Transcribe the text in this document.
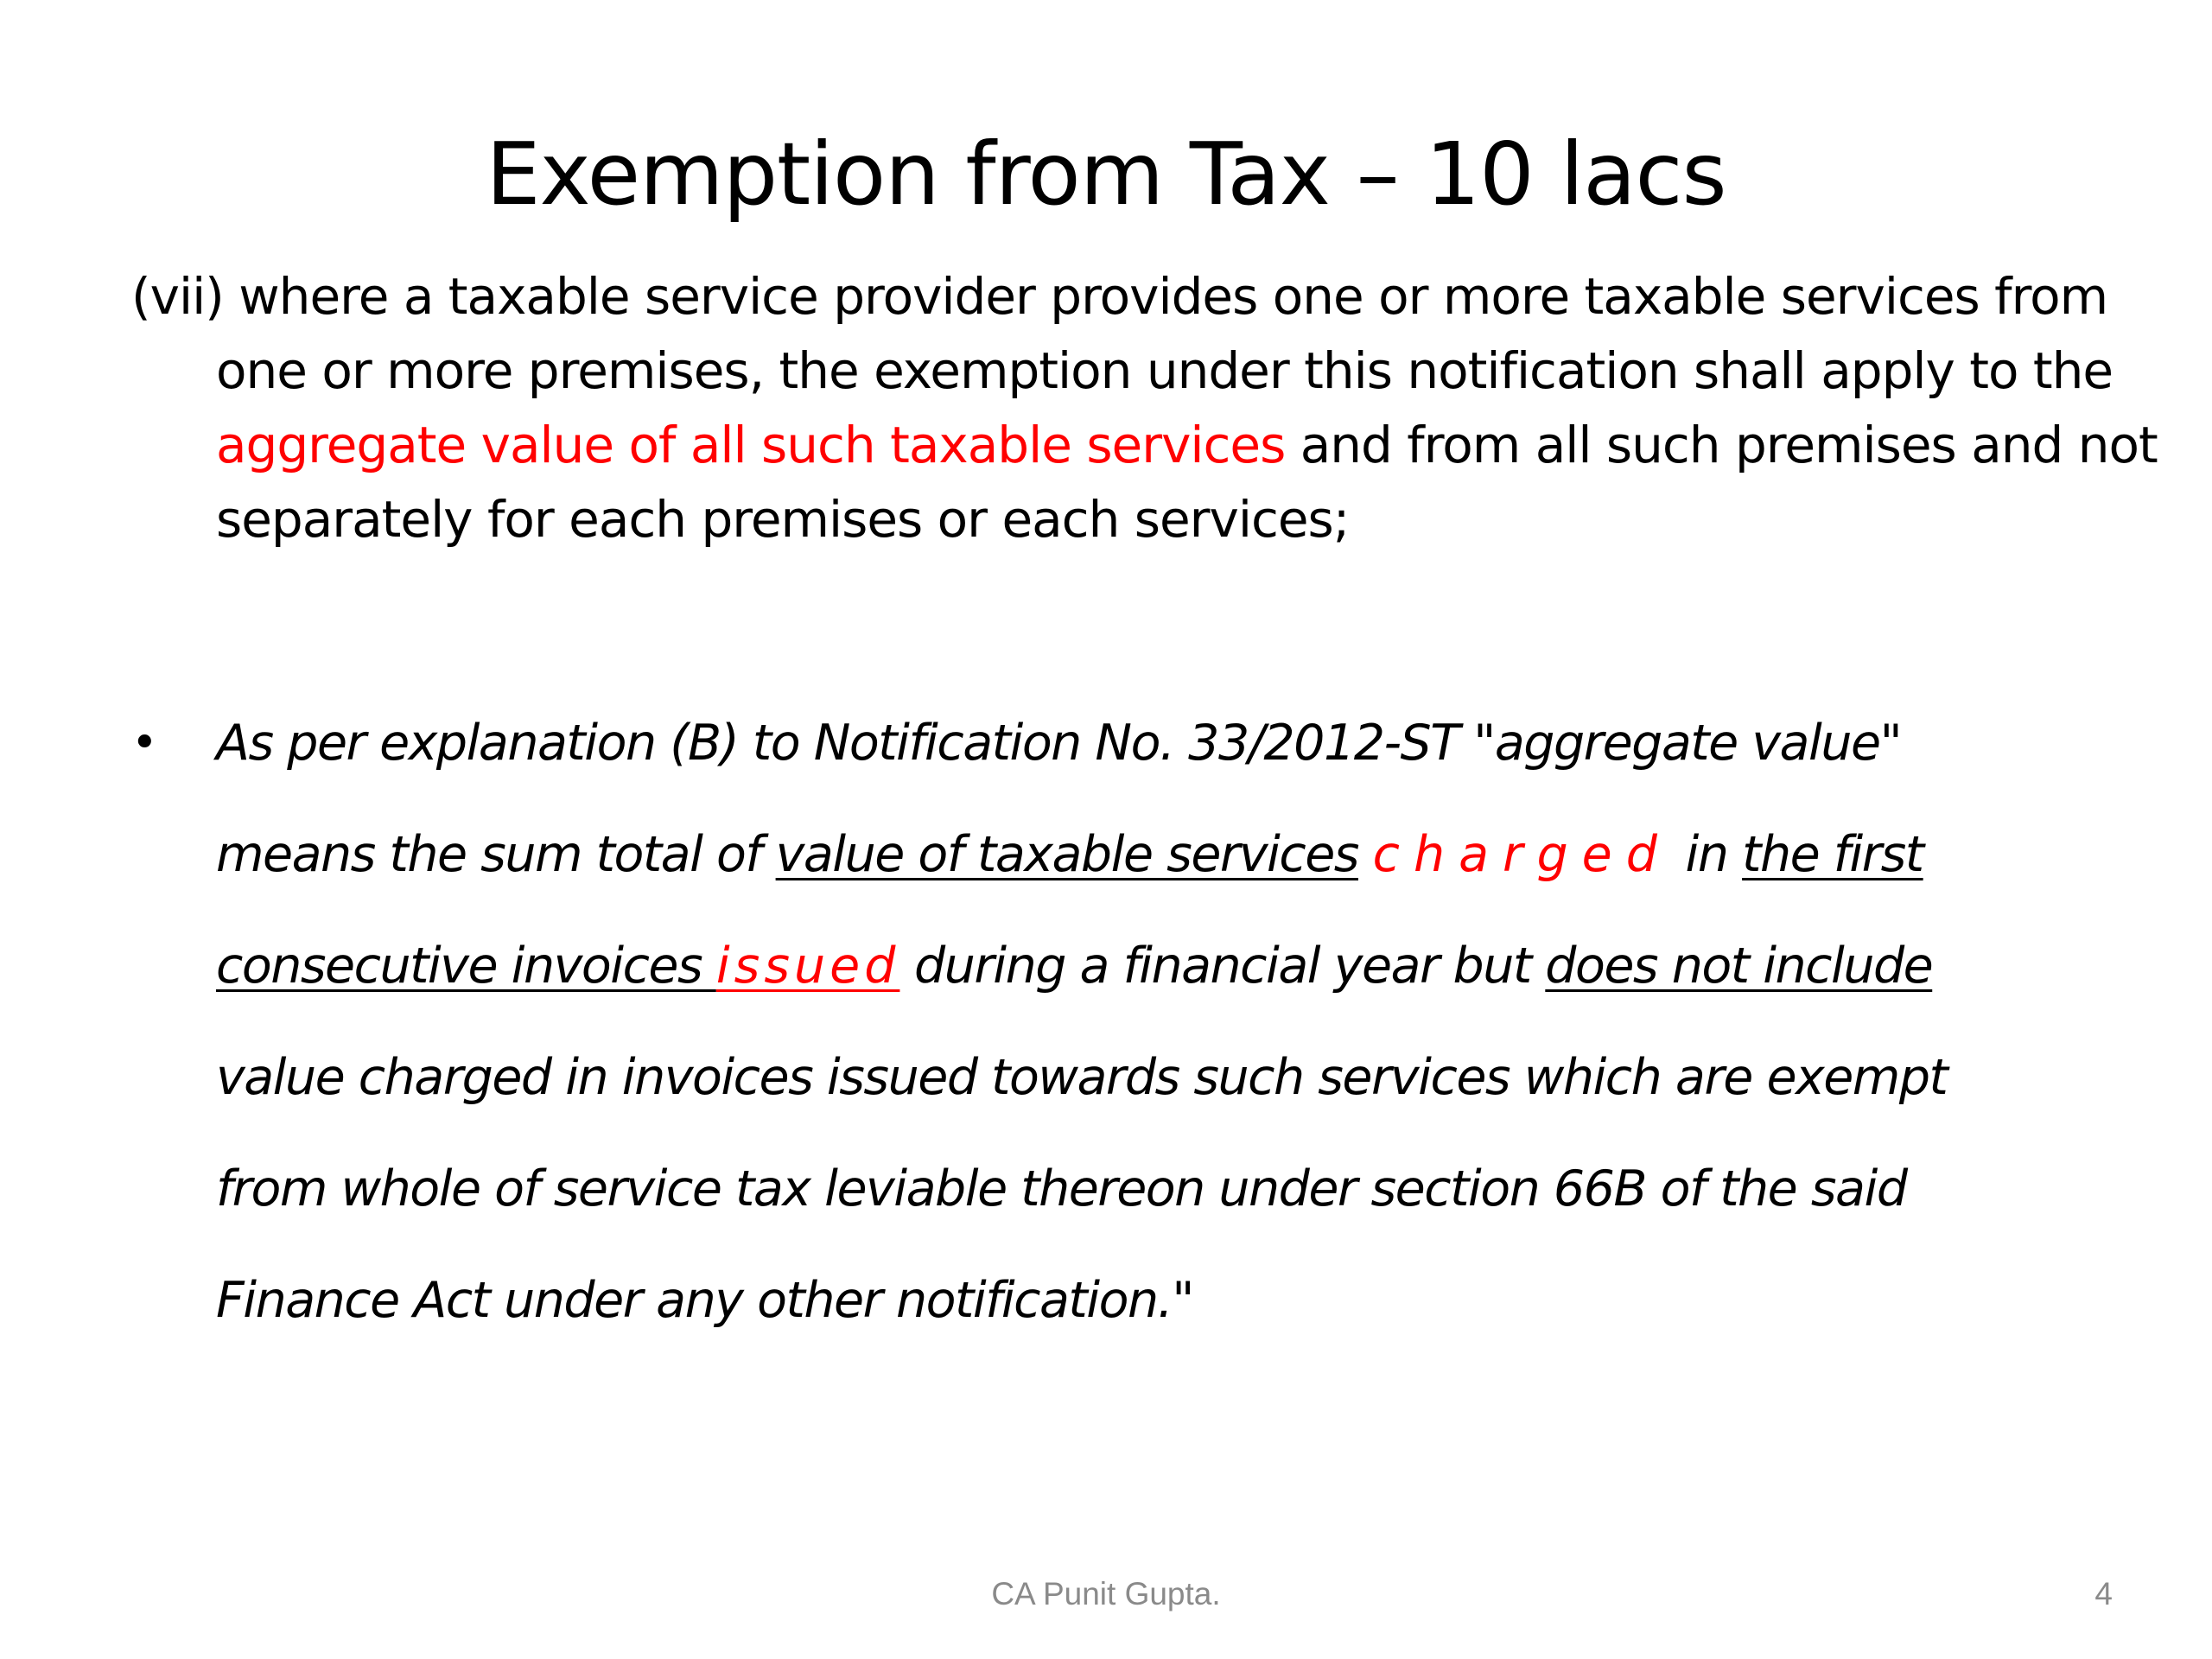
Exemption from Tax – 10 lacs
(vii) where a taxable service provider provides one or more taxable services from one or more premises, the exemption under this notification shall apply to the aggregate value of all such taxable services and from all such premises and not separately for each premises or each services;
• As per explanation (B) to Notification No. 33/2012-ST "aggregate value"
means the sum total of value of taxable services charged in the first
consecutive invoices issued during a financial year but does not include
value charged in invoices issued towards such services which are exempt
from whole of service tax leviable thereon under section 66B of the said
Finance Act under any other notification."
CA Punit Gupta.	4
